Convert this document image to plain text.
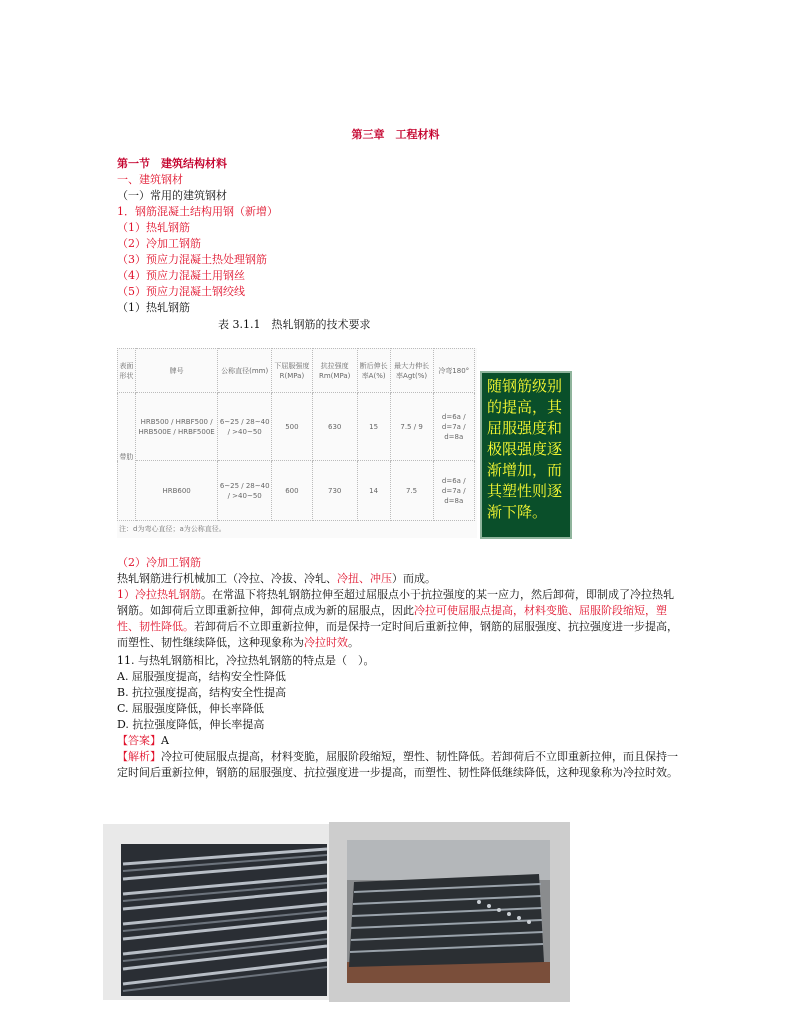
第三章　工程材料
第一节　建筑结构材料
一、建筑钢材
（一）常用的建筑钢材
1．钢筋混凝土结构用钢（新增）
（1）热轧钢筋
（2）冷加工钢筋
（3）预应力混凝土热处理钢筋
（4）预应力混凝土用钢丝
（5）预应力混凝土钢绞线
（1）热轧钢筋
表 3.1.1　热轧钢筋的技术要求
表面形状	牌号	公称直径(mm)	下屈服强度R(MPa)	抗拉强度Rm(MPa)	断后伸长率A(%)	最大力伸长率Agt(%)	冷弯180°
带肋	HRB500 / HRBF500 / HRB500E / HRBF500E	6~25 / 28~40 / >40~50	500	630	15	7.5 / 9	d=6a / d=7a / d=8a
	HRB600	6~25 / 28~40 / >40~50	600	730	14	7.5	d=6a / d=7a / d=8a
注：d为弯心直径；a为公称直径。
随钢筋级别的提高，其屈服强度和极限强度逐渐增加，而其塑性则逐渐下降。
（2）冷加工钢筋
热轧钢筋进行机械加工（冷拉、冷拔、冷轧、冷扭、冲压）而成。
1）冷拉热轧钢筋。在常温下将热轧钢筋拉伸至超过屈服点小于抗拉强度的某一应力，然后卸荷，即制成了冷拉热轧钢筋。如卸荷后立即重新拉伸，卸荷点成为新的屈服点，因此冷拉可使屈服点提高，材料变脆、屈服阶段缩短，塑性、韧性降低。若卸荷后不立即重新拉伸，而是保持一定时间后重新拉伸，钢筋的屈服强度、抗拉强度进一步提高，而塑性、韧性继续降低，这种现象称为冷拉时效。
11. 与热轧钢筋相比，冷拉热轧钢筋的特点是（　）。
A. 屈服强度提高，结构安全性降低
B. 抗拉强度提高，结构安全性提高
C. 屈服强度降低，伸长率降低
D. 抗拉强度降低，伸长率提高
【答案】A
【解析】冷拉可使屈服点提高，材料变脆，屈服阶段缩短，塑性、韧性降低。若卸荷后不立即重新拉伸，而且保持一定时间后重新拉伸，钢筋的屈服强度、抗拉强度进一步提高，而塑性、韧性降低继续降低，这种现象称为冷拉时效。
